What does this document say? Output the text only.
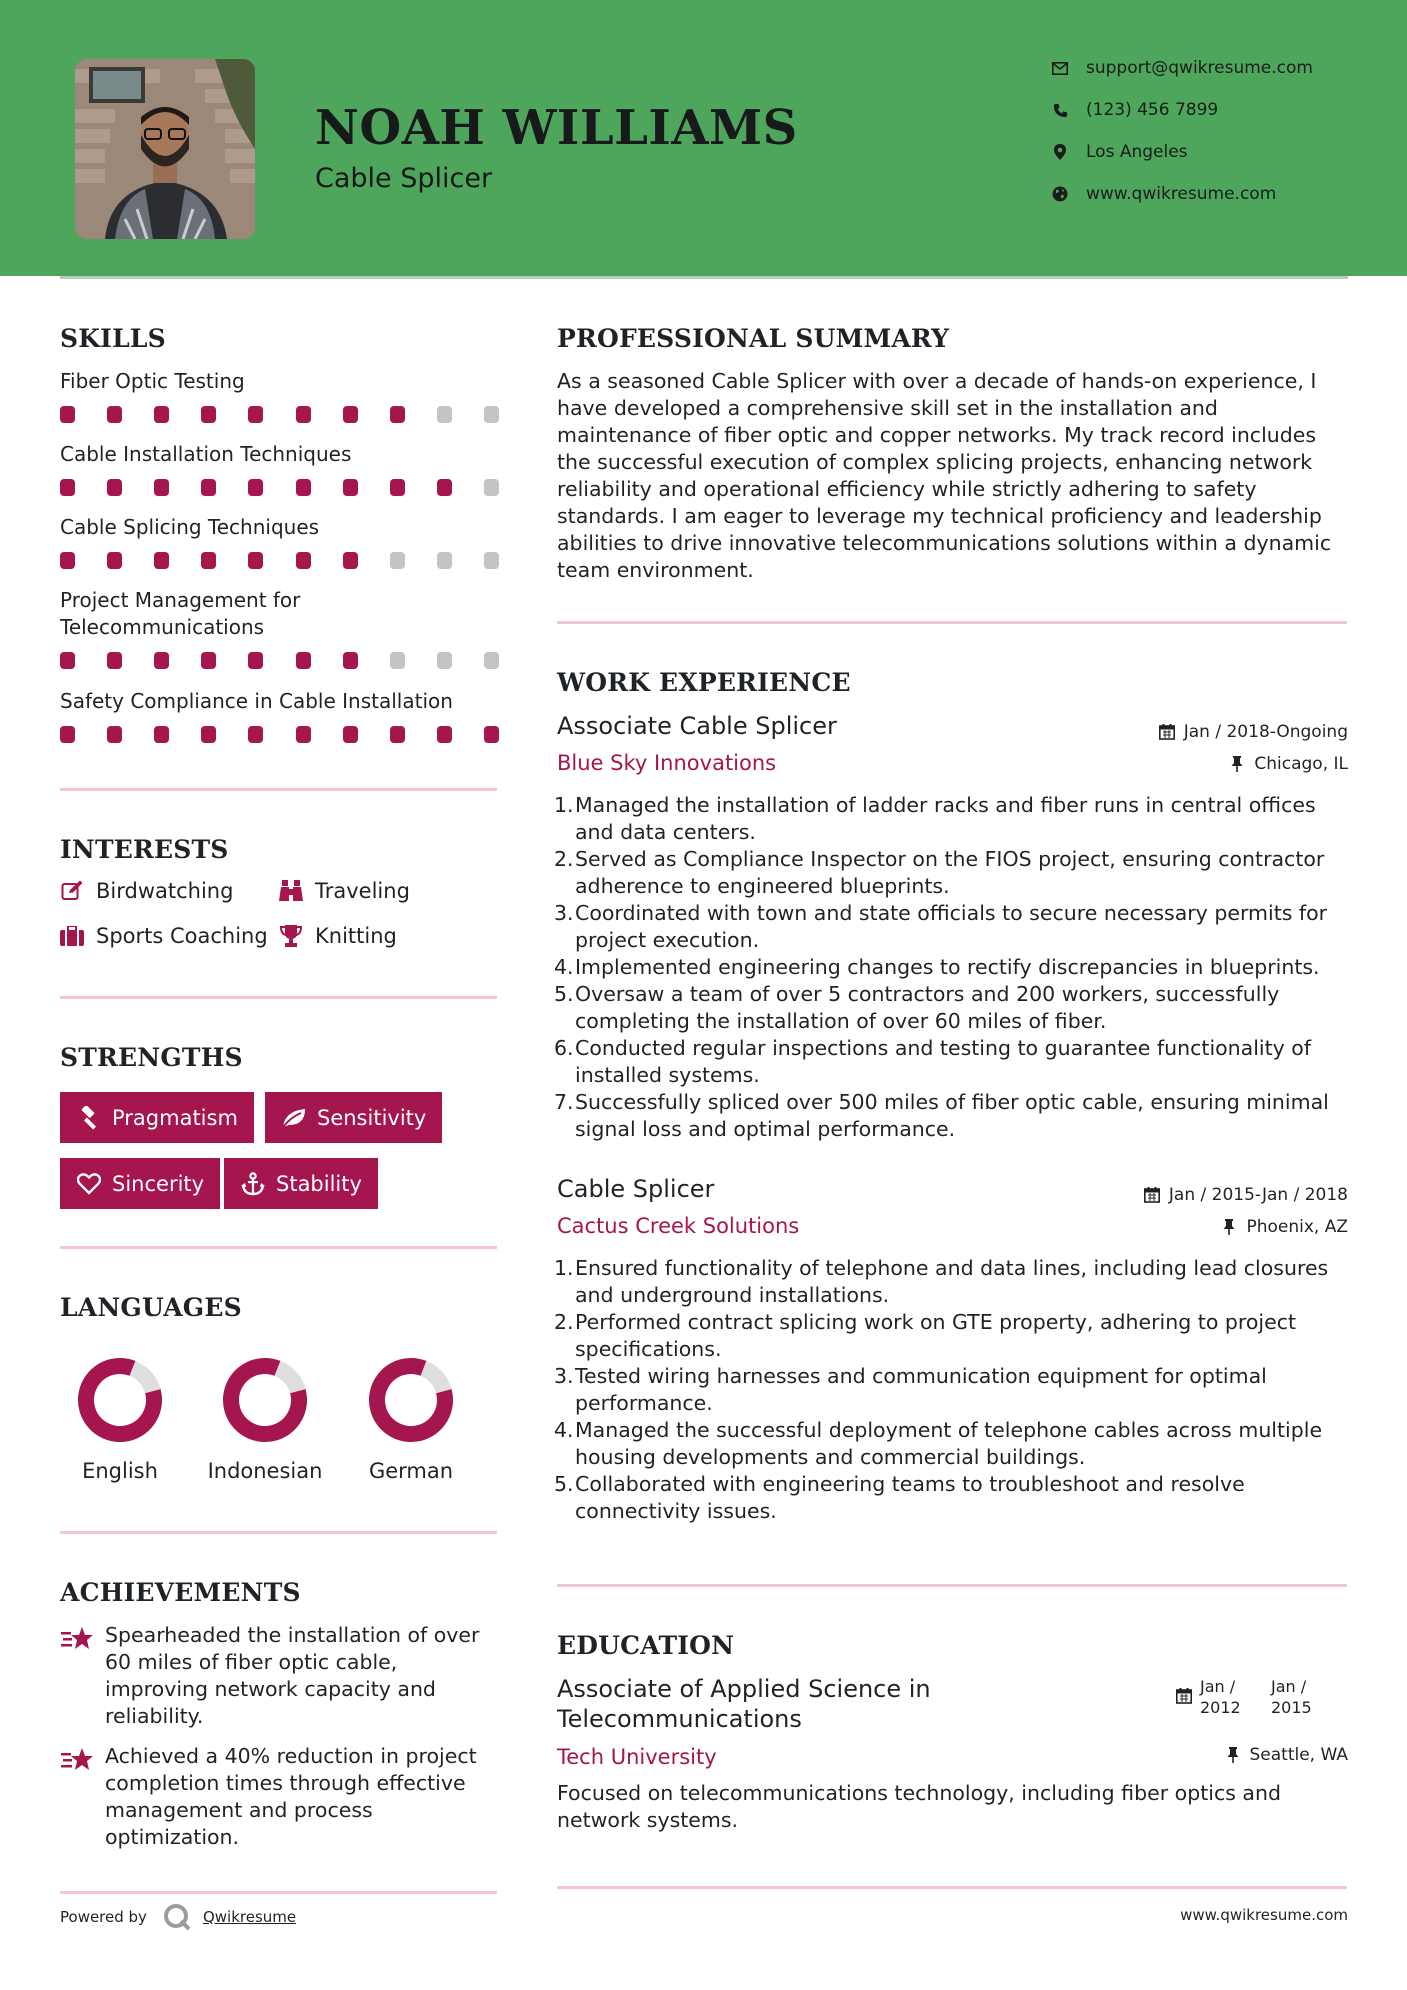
NOAH WILLIAMS
Cable Splicer
support@qwikresume.com
(123) 456 7899
Los Angeles
www.qwikresume.com
SKILLS
Fiber Optic Testing
Cable Installation Techniques
Cable Splicing Techniques
Project Management for Telecommunications
Safety Compliance in Cable Installation
INTERESTS
Birdwatching	Traveling
Sports Coaching Knitting
STRENGTHS
Pragmatism	Sensitivity
Sincerity	Stability
LANGUAGES
English	Indonesian	German
ACHIEVEMENTS
Spearheaded the installation of over 60 miles of fiber optic cable, improving network capacity and reliability.
Achieved a 40% reduction in project completion times through effective management and process optimization.
Powered by	Qwikresume
PROFESSIONAL SUMMARY
As a seasoned Cable Splicer with over a decade of hands-on experience, I have developed a comprehensive skill set in the installation and maintenance of fiber optic and copper networks. My track record includes the successful execution of complex splicing projects, enhancing network reliability and operational efficiency while strictly adhering to safety standards. I am eager to leverage my technical proficiency and leadership abilities to drive innovative telecommunications solutions within a dynamic team environment.
WORK EXPERIENCE
Associate Cable Splicer	Jan / 2018-Ongoing
Blue Sky Innovations	Chicago, IL
1. Managed the installation of ladder racks and fiber runs in central offices and data centers.
2. Served as Compliance Inspector on the FIOS project, ensuring contractor adherence to engineered blueprints.
3. Coordinated with town and state officials to secure necessary permits for project execution.
4. Implemented engineering changes to rectify discrepancies in blueprints.
5. Oversaw a team of over 5 contractors and 200 workers, successfully completing the installation of over 60 miles of fiber.
6. Conducted regular inspections and testing to guarantee functionality of installed systems.
7. Successfully spliced over 500 miles of fiber optic cable, ensuring minimal signal loss and optimal performance.
Cable Splicer	Jan / 2015-Jan / 2018
Cactus Creek Solutions	Phoenix, AZ
1. Ensured functionality of telephone and data lines, including lead closures and underground installations.
2. Performed contract splicing work on GTE property, adhering to project specifications.
3. Tested wiring harnesses and communication equipment for optimal performance.
4. Managed the successful deployment of telephone cables across multiple housing developments and commercial buildings.
5. Collaborated with engineering teams to troubleshoot and resolve connectivity issues.
EDUCATION
Associate of Applied Science in
Telecommunications
Jan /
2012
Jan /
2015
Tech University	Seattle, WA
Focused on telecommunications technology, including fiber optics and network systems.
www.qwikresume.com
